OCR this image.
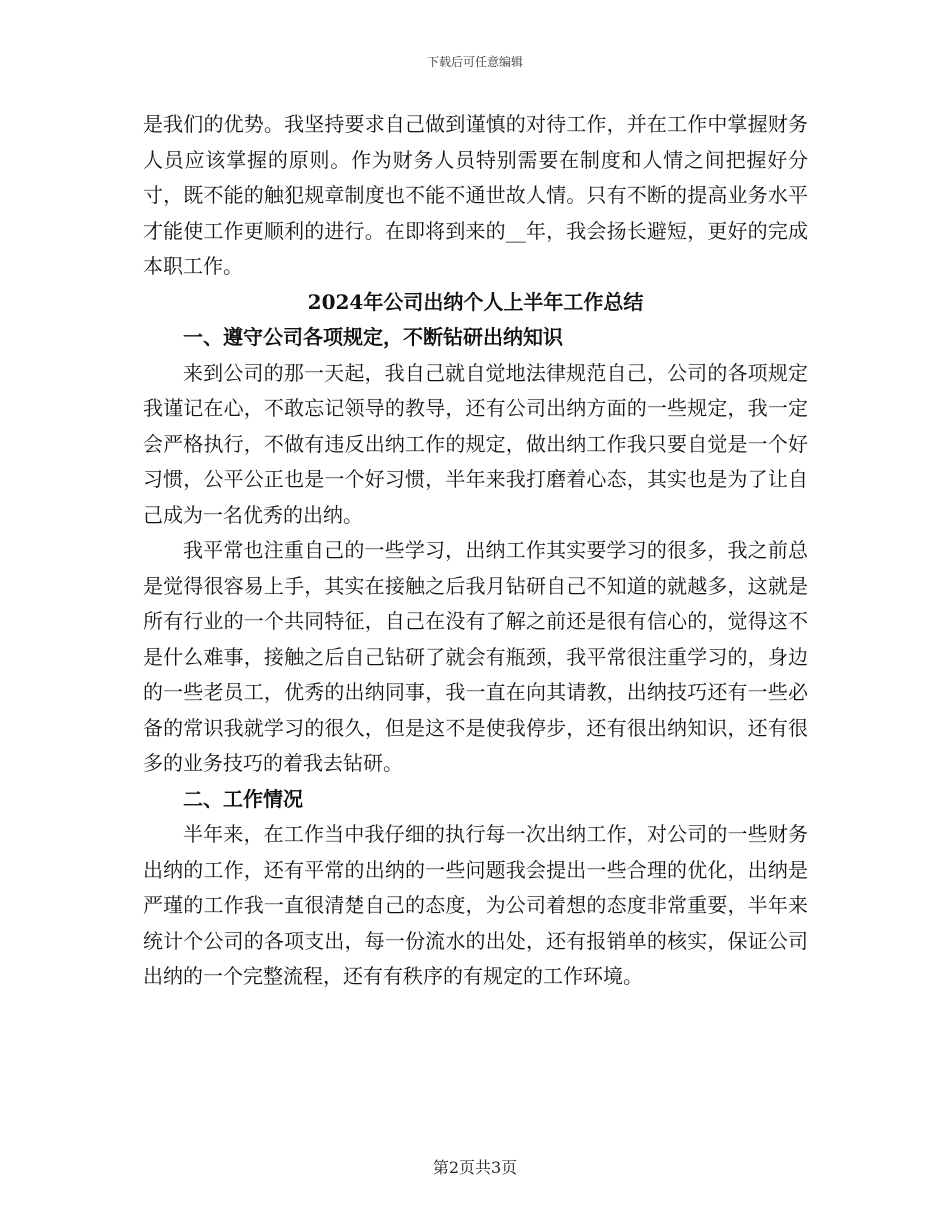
下载后可任意编辑

是我们的优势。我坚持要求自己做到谨慎的对待工作，并在工作中掌握财务人员应该掌握的原则。作为财务人员特别需要在制度和人情之间把握好分寸，既不能的触犯规章制度也不能不通世故人情。只有不断的提高业务水平才能使工作更顺利的进行。在即将到来的__年，我会扬长避短，更好的完成本职工作。

2024年公司出纳个人上半年工作总结

一、遵守公司各项规定，不断钻研出纳知识

来到公司的那一天起，我自己就自觉地法律规范自己，公司的各项规定我谨记在心，不敢忘记领导的教导，还有公司出纳方面的一些规定，我一定会严格执行，不做有违反出纳工作的规定，做出纳工作我只要自觉是一个好习惯，公平公正也是一个好习惯，半年来我打磨着心态，其实也是为了让自己成为一名优秀的出纳。

我平常也注重自己的一些学习，出纳工作其实要学习的很多，我之前总是觉得很容易上手，其实在接触之后我月钻研自己不知道的就越多，这就是所有行业的一个共同特征，自己在没有了解之前还是很有信心的，觉得这不是什么难事，接触之后自己钻研了就会有瓶颈，我平常很注重学习的，身边的一些老员工，优秀的出纳同事，我一直在向其请教，出纳技巧还有一些必备的常识我就学习的很久，但是这不是使我停步，还有很出纳知识，还有很多的业务技巧的着我去钻研。

二、工作情况

半年来，在工作当中我仔细的执行每一次出纳工作，对公司的一些财务出纳的工作，还有平常的出纳的一些问题我会提出一些合理的优化，出纳是严瑾的工作我一直很清楚自己的态度，为公司着想的态度非常重要，半年来统计个公司的各项支出，每一份流水的出处，还有报销单的核实，保证公司出纳的一个完整流程，还有有秩序的有规定的工作环境。

第2页共3页
